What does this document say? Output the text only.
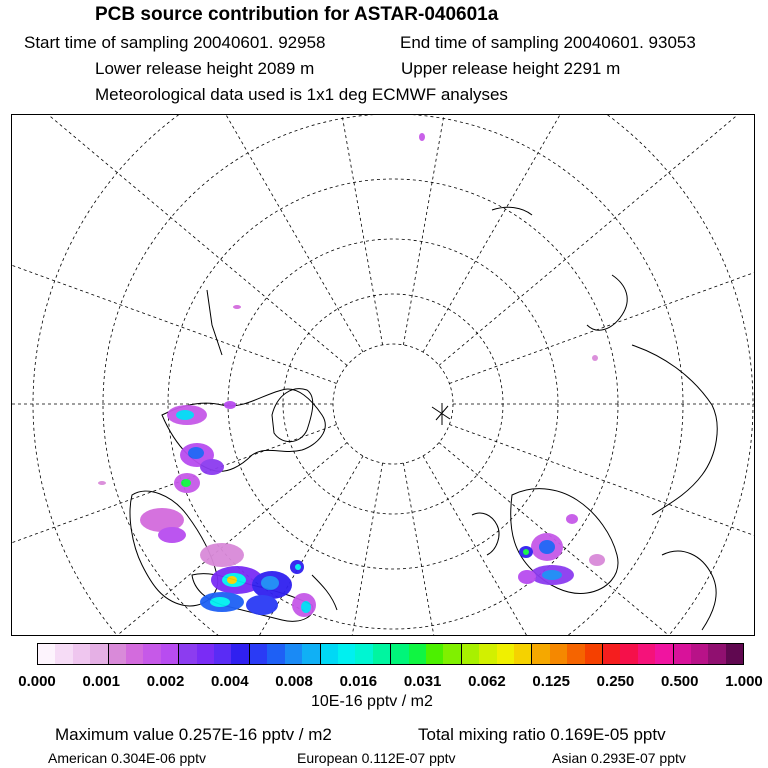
PCB source contribution for ASTAR-040601a
Start time of sampling 20040601. 92958	End time of sampling 20040601. 93053
Lower release height 2089 m	Upper release height 2291 m
Meteorological data used is 1x1 deg ECMWF analyses
0.000 0.001 0.002 0.004 0.008 0.016 0.031 0.062 0.125 0.250 0.500 1.000
10E-16 pptv / m2
Maximum value 0.257E-16 pptv / m2	Total mixing ratio 0.169E-05 pptv
American 0.304E-06 pptv	European 0.112E-07 pptv	Asian 0.293E-07 pptv
